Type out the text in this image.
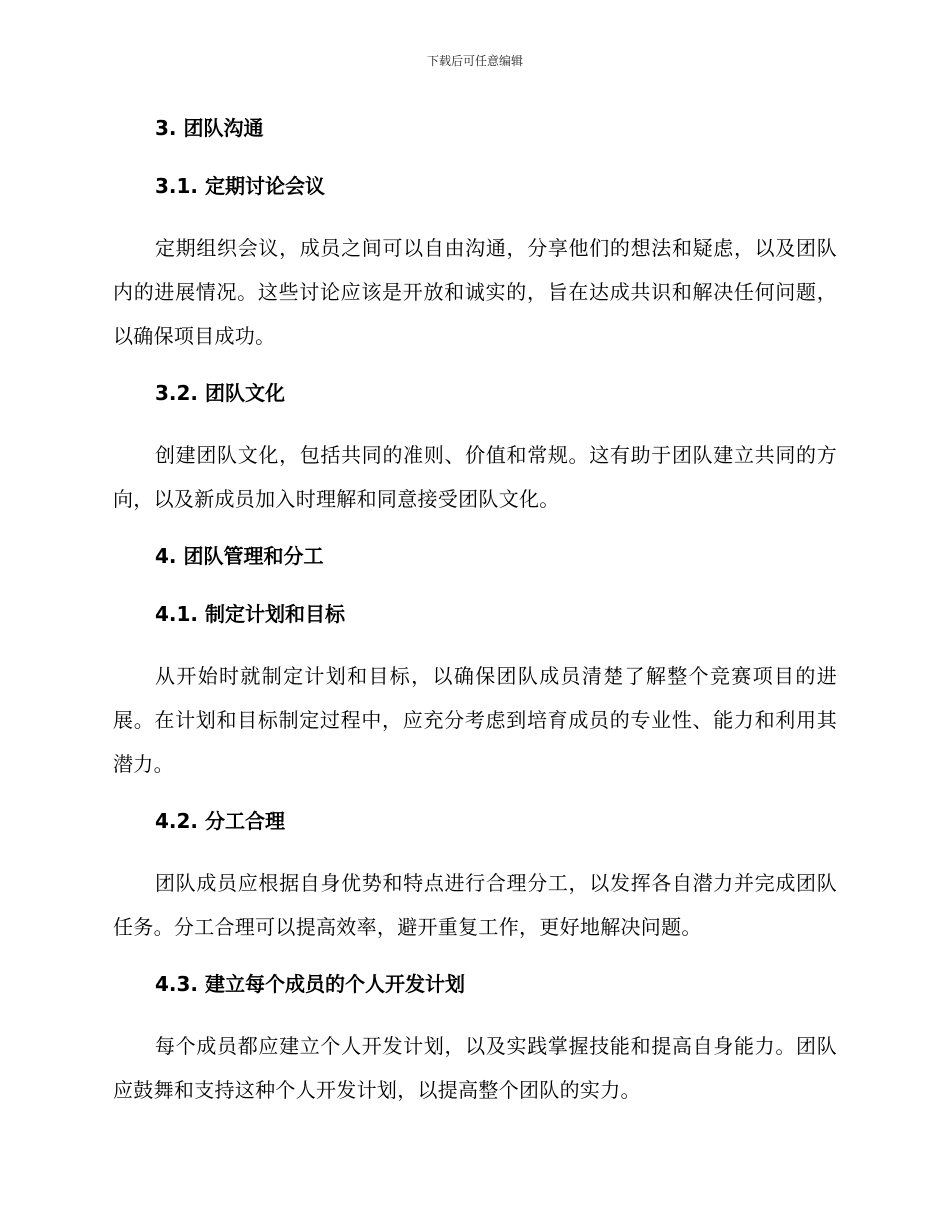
下载后可任意编辑
3. 团队沟通
3.1. 定期讨论会议

定期组织会议，成员之间可以自由沟通，分享他们的想法和疑虑，以及团队内的进展情况。这些讨论应该是开放和诚实的，旨在达成共识和解决任何问题，以确保项目成功。

3.2. 团队文化

创建团队文化，包括共同的准则、价值和常规。这有助于团队建立共同的方向，以及新成员加入时理解和同意接受团队文化。

4. 团队管理和分工
4.1. 制定计划和目标

从开始时就制定计划和目标，以确保团队成员清楚了解整个竞赛项目的进展。在计划和目标制定过程中，应充分考虑到培育成员的专业性、能力和利用其潜力。

4.2. 分工合理

团队成员应根据自身优势和特点进行合理分工，以发挥各自潜力并完成团队任务。分工合理可以提高效率，避开重复工作，更好地解决问题。

4.3. 建立每个成员的个人开发计划

每个成员都应建立个人开发计划，以及实践掌握技能和提高自身能力。团队应鼓舞和支持这种个人开发计划，以提高整个团队的实力。
